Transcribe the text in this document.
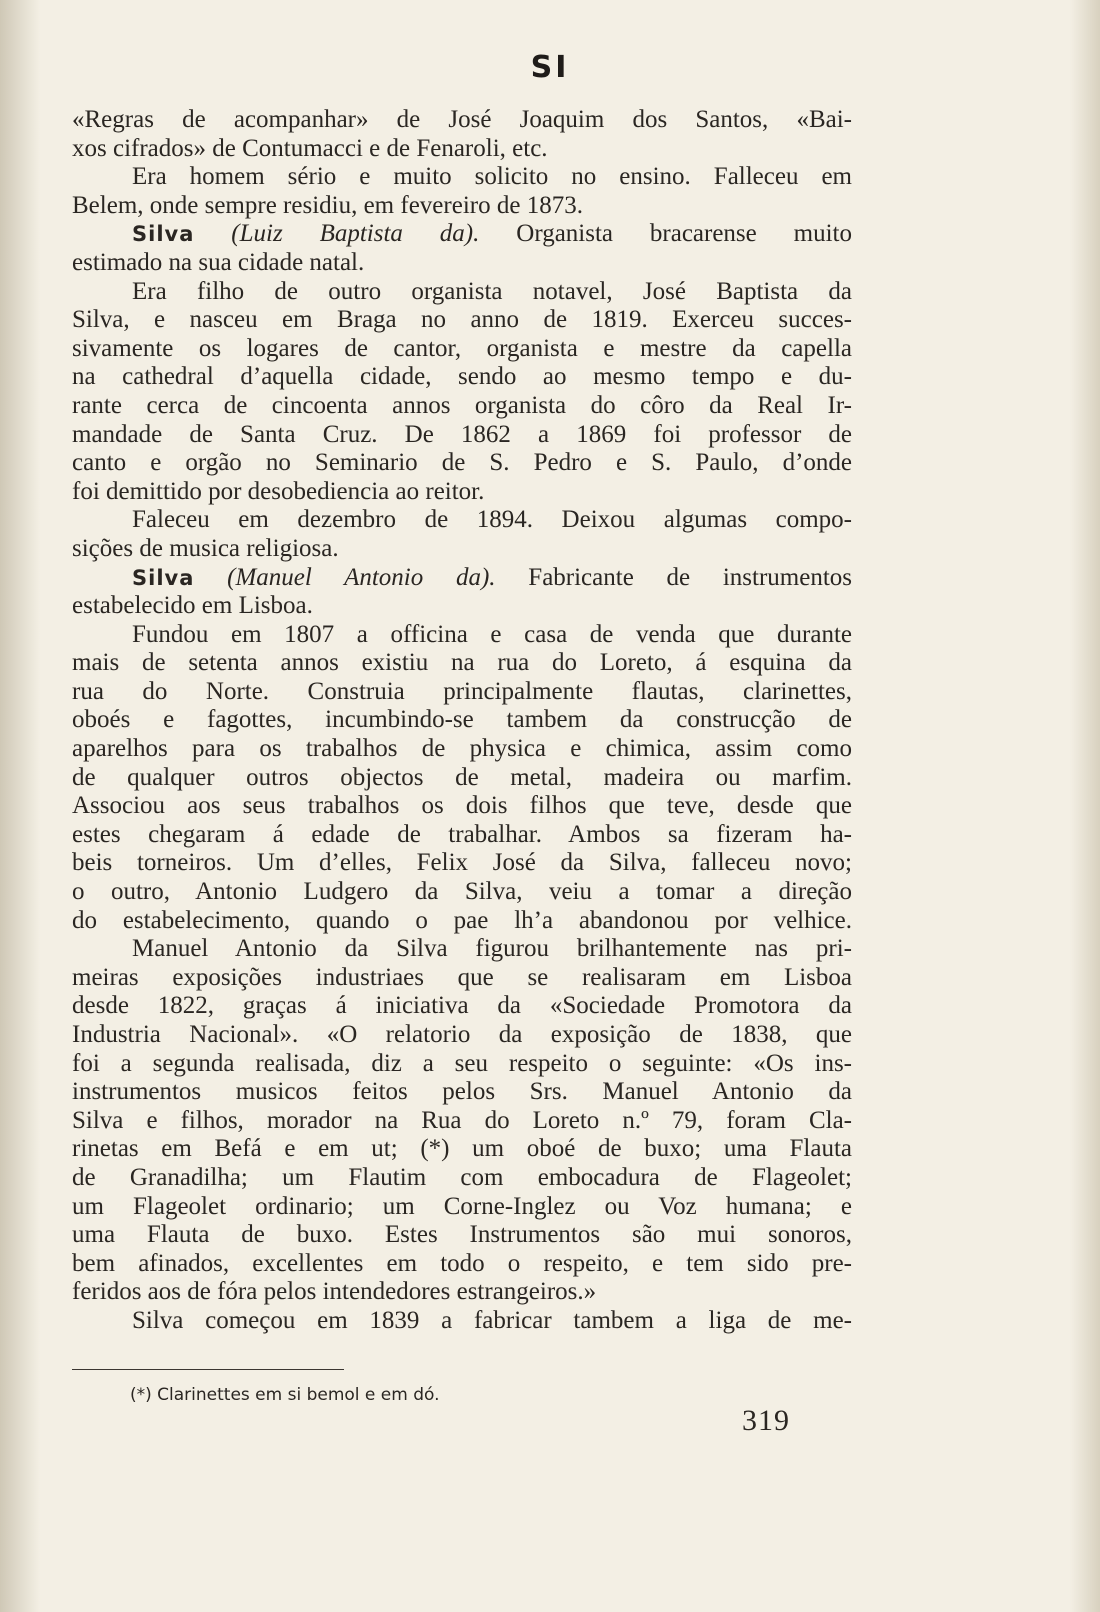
SI
«Regras de acompanhar» de José Joaquim dos Santos, «Bai-
xos cifrados» de Contumacci e de Fenaroli, etc.
Era homem sério e muito solicito no ensino. Falleceu em
Belem, onde sempre residiu, em fevereiro de 1873.
Silva (Luiz Baptista da). Organista bracarense muito
estimado na sua cidade natal.
Era filho de outro organista notavel, José Baptista da
Silva, e nasceu em Braga no anno de 1819. Exerceu succes-
sivamente os logares de cantor, organista e mestre da capella
na cathedral d’aquella cidade, sendo ao mesmo tempo e du-
rante cerca de cincoenta annos organista do côro da Real Ir-
mandade de Santa Cruz. De 1862 a 1869 foi professor de
canto e orgão no Seminario de S. Pedro e S. Paulo, d’onde
foi demittido por desobediencia ao reitor.
Faleceu em dezembro de 1894. Deixou algumas compo-
sições de musica religiosa.
Silva (Manuel Antonio da). Fabricante de instrumentos
estabelecido em Lisboa.
Fundou em 1807 a officina e casa de venda que durante
mais de setenta annos existiu na rua do Loreto, á esquina da
rua do Norte. Construia principalmente flautas, clarinettes,
oboés e fagottes, incumbindo-se tambem da construcção de
aparelhos para os trabalhos de physica e chimica, assim como
de qualquer outros objectos de metal, madeira ou marfim.
Associou aos seus trabalhos os dois filhos que teve, desde que
estes chegaram á edade de trabalhar. Ambos sa fizeram ha-
beis torneiros. Um d’elles, Felix José da Silva, falleceu novo;
o outro, Antonio Ludgero da Silva, veiu a tomar a direção
do estabelecimento, quando o pae lh’a abandonou por velhice.
Manuel Antonio da Silva figurou brilhantemente nas pri-
meiras exposições industriaes que se realisaram em Lisboa
desde 1822, graças á iniciativa da «Sociedade Promotora da
Industria Nacional». «O relatorio da exposição de 1838, que
foi a segunda realisada, diz a seu respeito o seguinte: «Os ins-
instrumentos musicos feitos pelos Srs. Manuel Antonio da
Silva e filhos, morador na Rua do Loreto n.º 79, foram Cla-
rinetas em Befá e em ut; (*) um oboé de buxo; uma Flauta
de Granadilha; um Flautim com embocadura de Flageolet;
um Flageolet ordinario; um Corne-Inglez ou Voz humana; e
uma Flauta de buxo. Estes Instrumentos são mui sonoros,
bem afinados, excellentes em todo o respeito, e tem sido pre-
feridos aos de fóra pelos intendedores estrangeiros.»
Silva começou em 1839 a fabricar tambem a liga de me-
(*) Clarinettes em si bemol e em dó.
319
